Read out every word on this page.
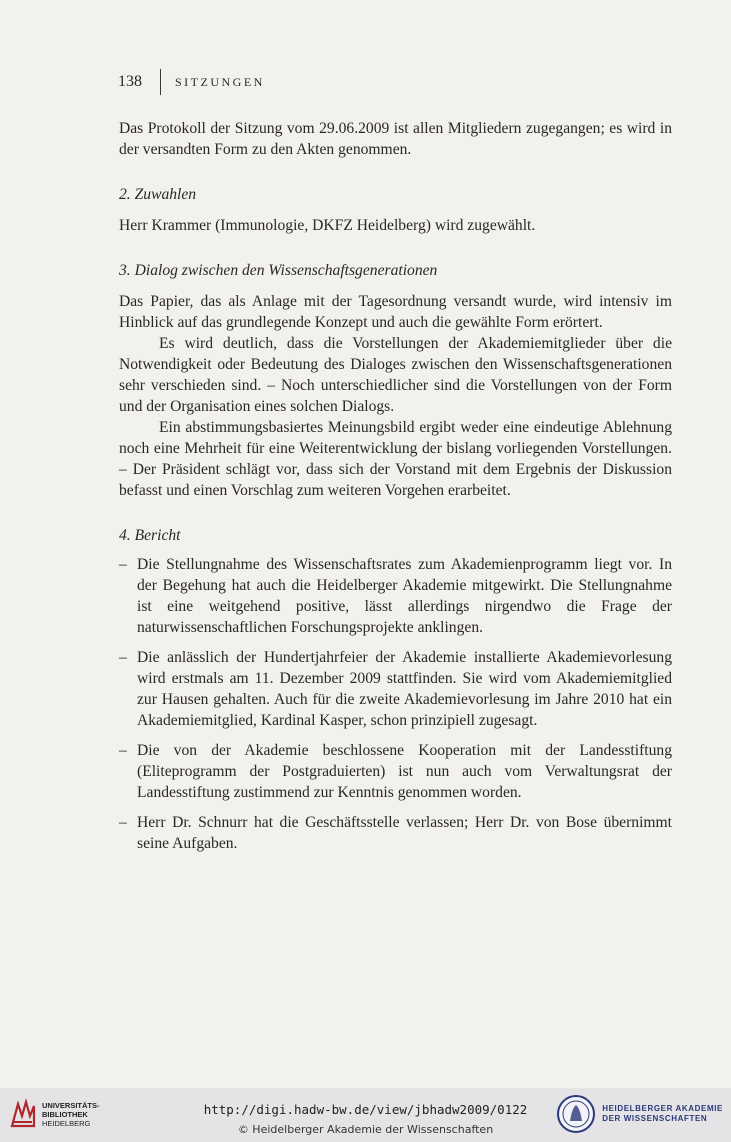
138	SITZUNGEN

Das Protokoll der Sitzung vom 29.06.2009 ist allen Mitgliedern zugegangen; es wird in der versandten Form zu den Akten genommen.

2. Zuwahlen

Herr Krammer (Immunologie, DKFZ Heidelberg) wird zugewählt.

3. Dialog zwischen den Wissenschaftsgenerationen

Das Papier, das als Anlage mit der Tagesordnung versandt wurde, wird intensiv im Hinblick auf das grundlegende Konzept und auch die gewählte Form erörtert.

Es wird deutlich, dass die Vorstellungen der Akademiemitglieder über die Notwendigkeit oder Bedeutung des Dialoges zwischen den Wissenschaftsgenerationen sehr verschieden sind. – Noch unterschiedlicher sind die Vorstellungen von der Form und der Organisation eines solchen Dialogs.

Ein abstimmungsbasiertes Meinungsbild ergibt weder eine eindeutige Ablehnung noch eine Mehrheit für eine Weiterentwicklung der bislang vorliegenden Vorstellungen. – Der Präsident schlägt vor, dass sich der Vorstand mit dem Ergebnis der Diskussion befasst und einen Vorschlag zum weiteren Vorgehen erarbeitet.

4. Bericht

– Die Stellungnahme des Wissenschaftsrates zum Akademienprogramm liegt vor. In der Begehung hat auch die Heidelberger Akademie mitgewirkt. Die Stellungnahme ist eine weitgehend positive, lässt allerdings nirgendwo die Frage der naturwissenschaftlichen Forschungsprojekte anklingen.
– Die anlässlich der Hundertjahrfeier der Akademie installierte Akademievorlesung wird erstmals am 11. Dezember 2009 stattfinden. Sie wird vom Akademiemitglied zur Hausen gehalten. Auch für die zweite Akademievorlesung im Jahre 2010 hat ein Akademiemitglied, Kardinal Kasper, schon prinzipiell zugesagt.
– Die von der Akademie beschlossene Kooperation mit der Landesstiftung (Eliteprogramm der Postgraduierten) ist nun auch vom Verwaltungsrat der Landesstiftung zustimmend zur Kenntnis genommen worden.
– Herr Dr. Schnurr hat die Geschäftsstelle verlassen; Herr Dr. von Bose übernimmt seine Aufgaben.
UNIVERSITÄTS-
BIBLIOTHEK
HEIDELBERG
http://digi.hadw-bw.de/view/jbhadw2009/0122
© Heidelberger Akademie der Wissenschaften
HEIDELBERGER AKADEMIE
DER WISSENSCHAFTEN
